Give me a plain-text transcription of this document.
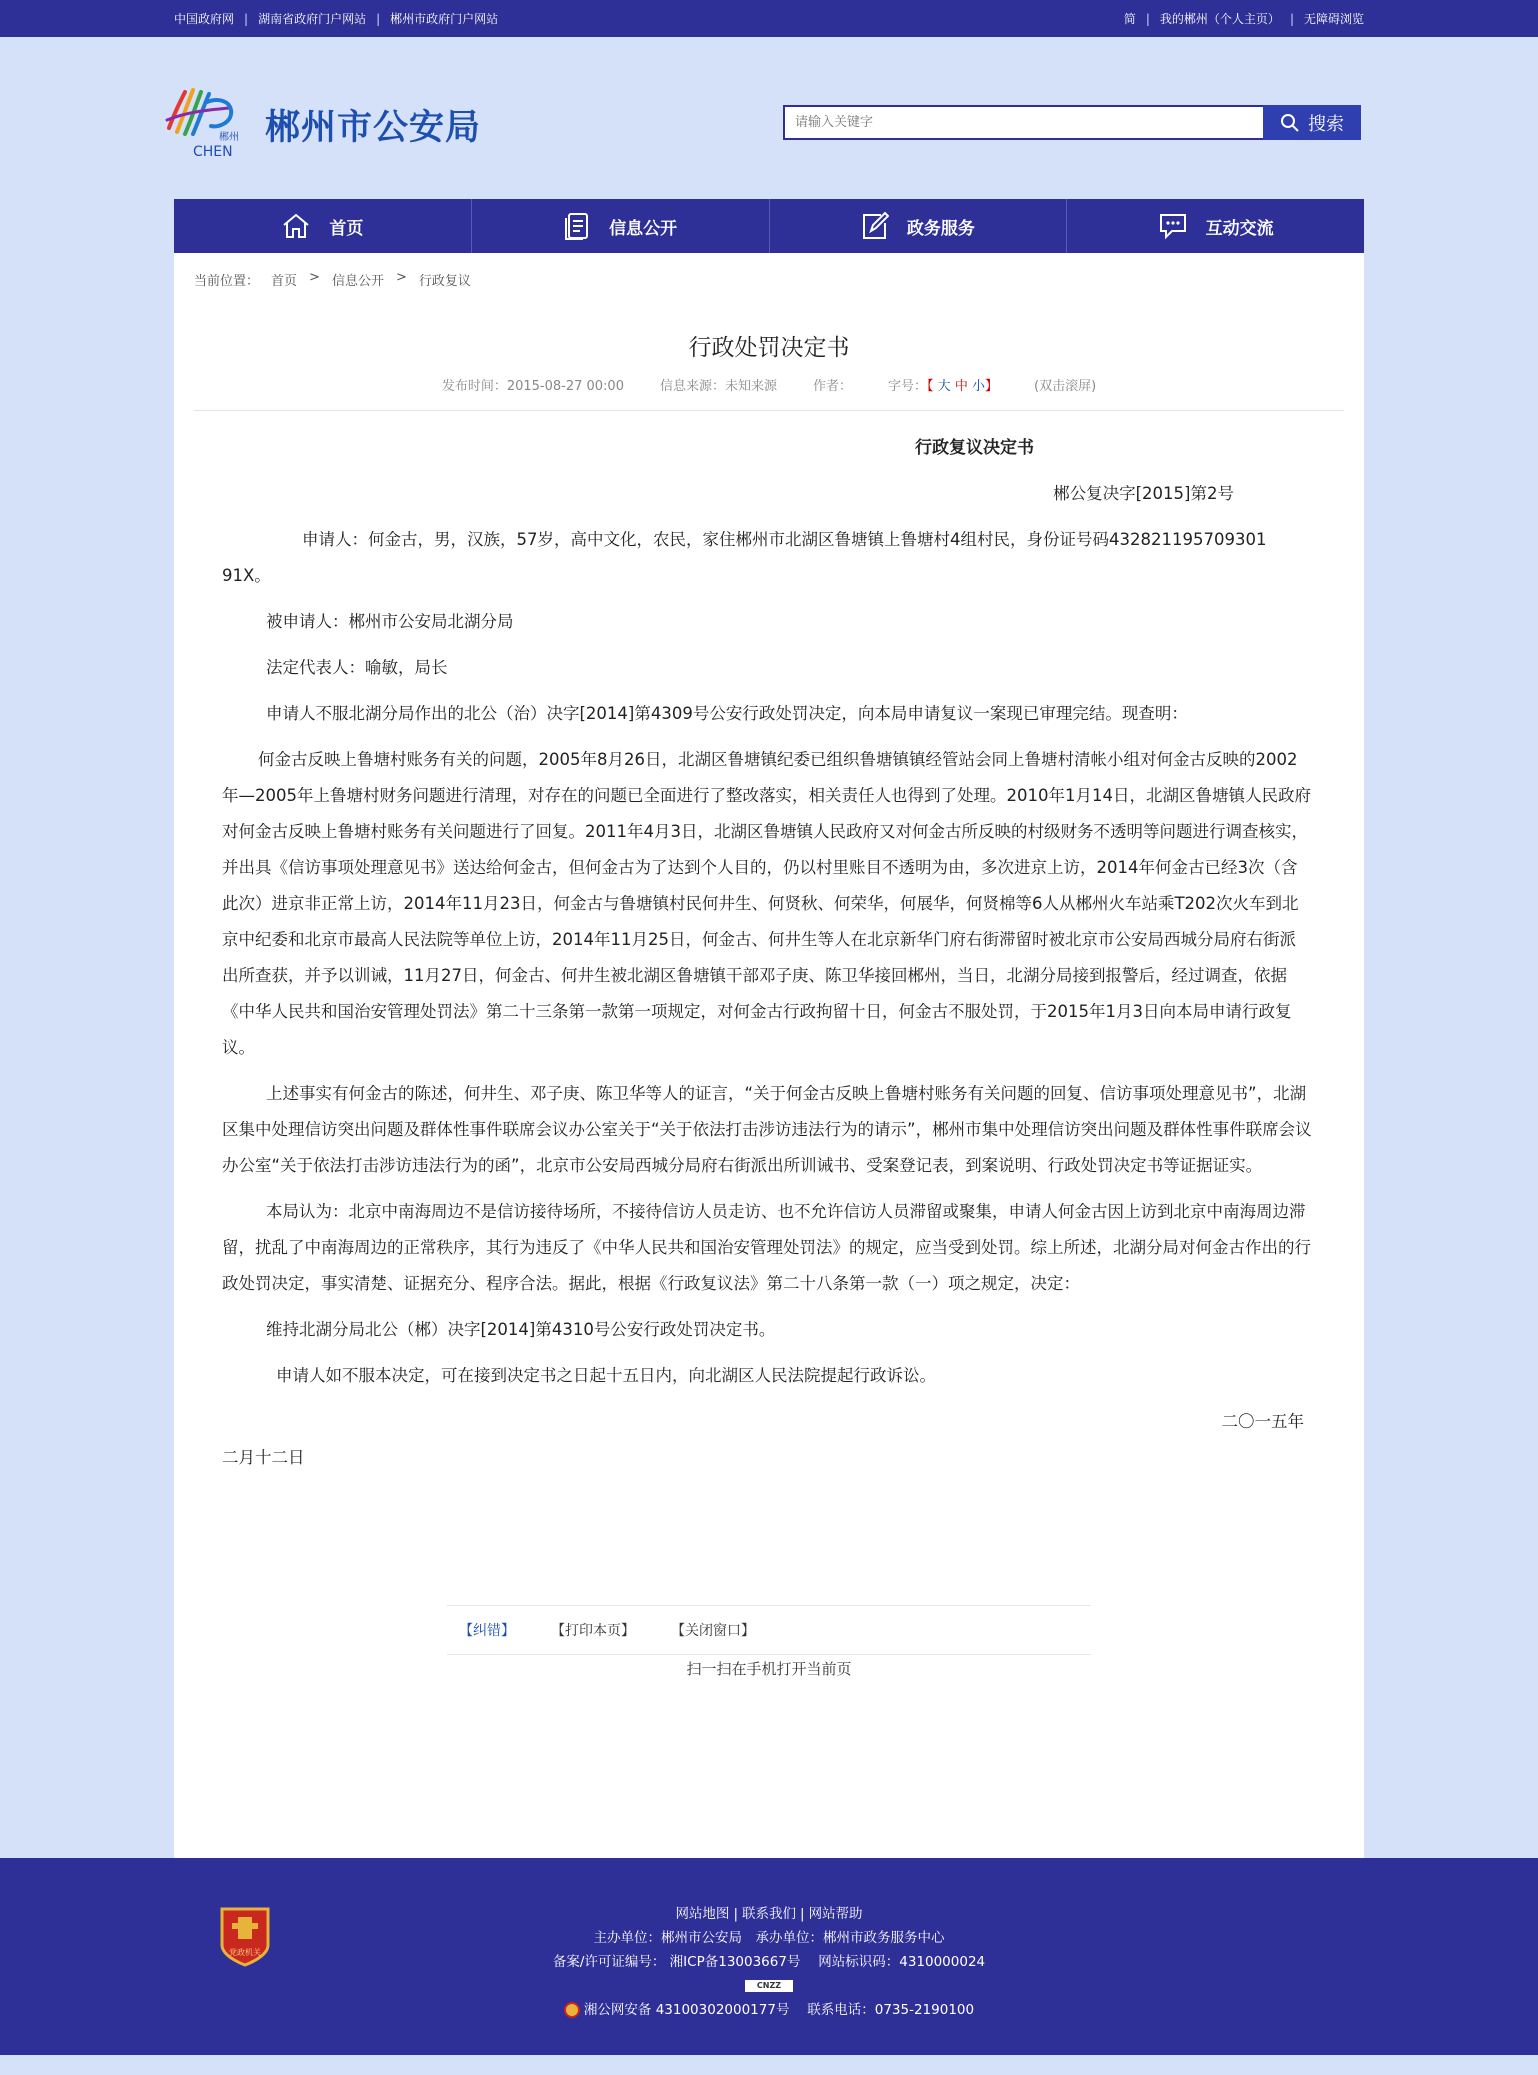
中国政府网 | 湖南省政府门户网站 | 郴州市政府门户网站	简 | 我的郴州（个人主页） | 无障碍浏览
郴州
CHEN
郴州市公安局
请输入关键字	搜索
首页	信息公开	政务服务	互动交流
当前位置： 首页 > 信息公开 > 行政复议
行政处罚决定书
发布时间：2015-08-27 00:00	信息来源：未知来源	作者：	字号：【 大 中 小】	(双击滚屏)
行政复议决定书
郴公复决字[2015]第2号
申请人：何金古，男，汉族，57岁，高中文化，农民，家住郴州市北湖区鲁塘镇上鲁塘村4组村民，身份证号码432821195709301 91X。
被申请人：郴州市公安局北湖分局
法定代表人：喻敏，局长
申请人不服北湖分局作出的北公（治）决字[2014]第4309号公安行政处罚决定，向本局申请复议一案现已审理完结。现查明：
何金古反映上鲁塘村账务有关的问题，2005年8月26日，北湖区鲁塘镇纪委已组织鲁塘镇镇经管站会同上鲁塘村清帐小组对何金古反映的2002年—2005年上鲁塘村财务问题进行清理，对存在的问题已全面进行了整改落实，相关责任人也得到了处理。2010年1月14日，北湖区鲁塘镇人民政府对何金古反映上鲁塘村账务有关问题进行了回复。2011年4月3日，北湖区鲁塘镇人民政府又对何金古所反映的村级财务不透明等问题进行调查核实，并出具《信访事项处理意见书》送达给何金古，但何金古为了达到个人目的，仍以村里账目不透明为由，多次进京上访，2014年何金古已经3次（含此次）进京非正常上访，2014年11月23日，何金古与鲁塘镇村民何井生、何贤秋、何荣华，何展华，何贤棉等6人从郴州火车站乘T202次火车到北京中纪委和北京市最高人民法院等单位上访，2014年11月25日，何金古、何井生等人在北京新华门府右街滞留时被北京市公安局西城分局府右街派出所查获，并予以训诫，11月27日，何金古、何井生被北湖区鲁塘镇干部邓子庚、陈卫华接回郴州，当日，北湖分局接到报警后，经过调查，依据《中华人民共和国治安管理处罚法》第二十三条第一款第一项规定，对何金古行政拘留十日，何金古不服处罚，于2015年1月3日向本局申请行政复议。
上述事实有何金古的陈述，何井生、邓子庚、陈卫华等人的证言，“关于何金古反映上鲁塘村账务有关问题的回复、信访事项处理意见书”，北湖区集中处理信访突出问题及群体性事件联席会议办公室关于“关于依法打击涉访违法行为的请示”，郴州市集中处理信访突出问题及群体性事件联席会议办公室“关于依法打击涉访违法行为的函”，北京市公安局西城分局府右街派出所训诫书、受案登记表，到案说明、行政处罚决定书等证据证实。
本局认为：北京中南海周边不是信访接待场所，不接待信访人员走访、也不允许信访人员滞留或聚集，申请人何金古因上访到北京中南海周边滞留，扰乱了中南海周边的正常秩序，其行为违反了《中华人民共和国治安管理处罚法》的规定，应当受到处罚。综上所述，北湖分局对何金古作出的行政处罚决定，事实清楚、证据充分、程序合法。据此，根据《行政复议法》第二十八条第一款（一）项之规定，决定：
维持北湖分局北公（郴）决字[2014]第4310号公安行政处罚决定书。
申请人如不服本决定，可在接到决定书之日起十五日内，向北湖区人民法院提起行政诉讼。
二〇一五年
二月十二日
【纠错】	【打印本页】	【关闭窗口】
扫一扫在手机打开当前页
党政机关
网站地图 | 联系我们 | 网站帮助
主办单位：郴州市公安局　承办单位：郴州市政务服务中心
备案/许可证编号： 湘ICP备13003667号　 网站标识码：4310000024
CNZZ
湘公网安备 43100302000177号　 联系电话：0735-2190100
